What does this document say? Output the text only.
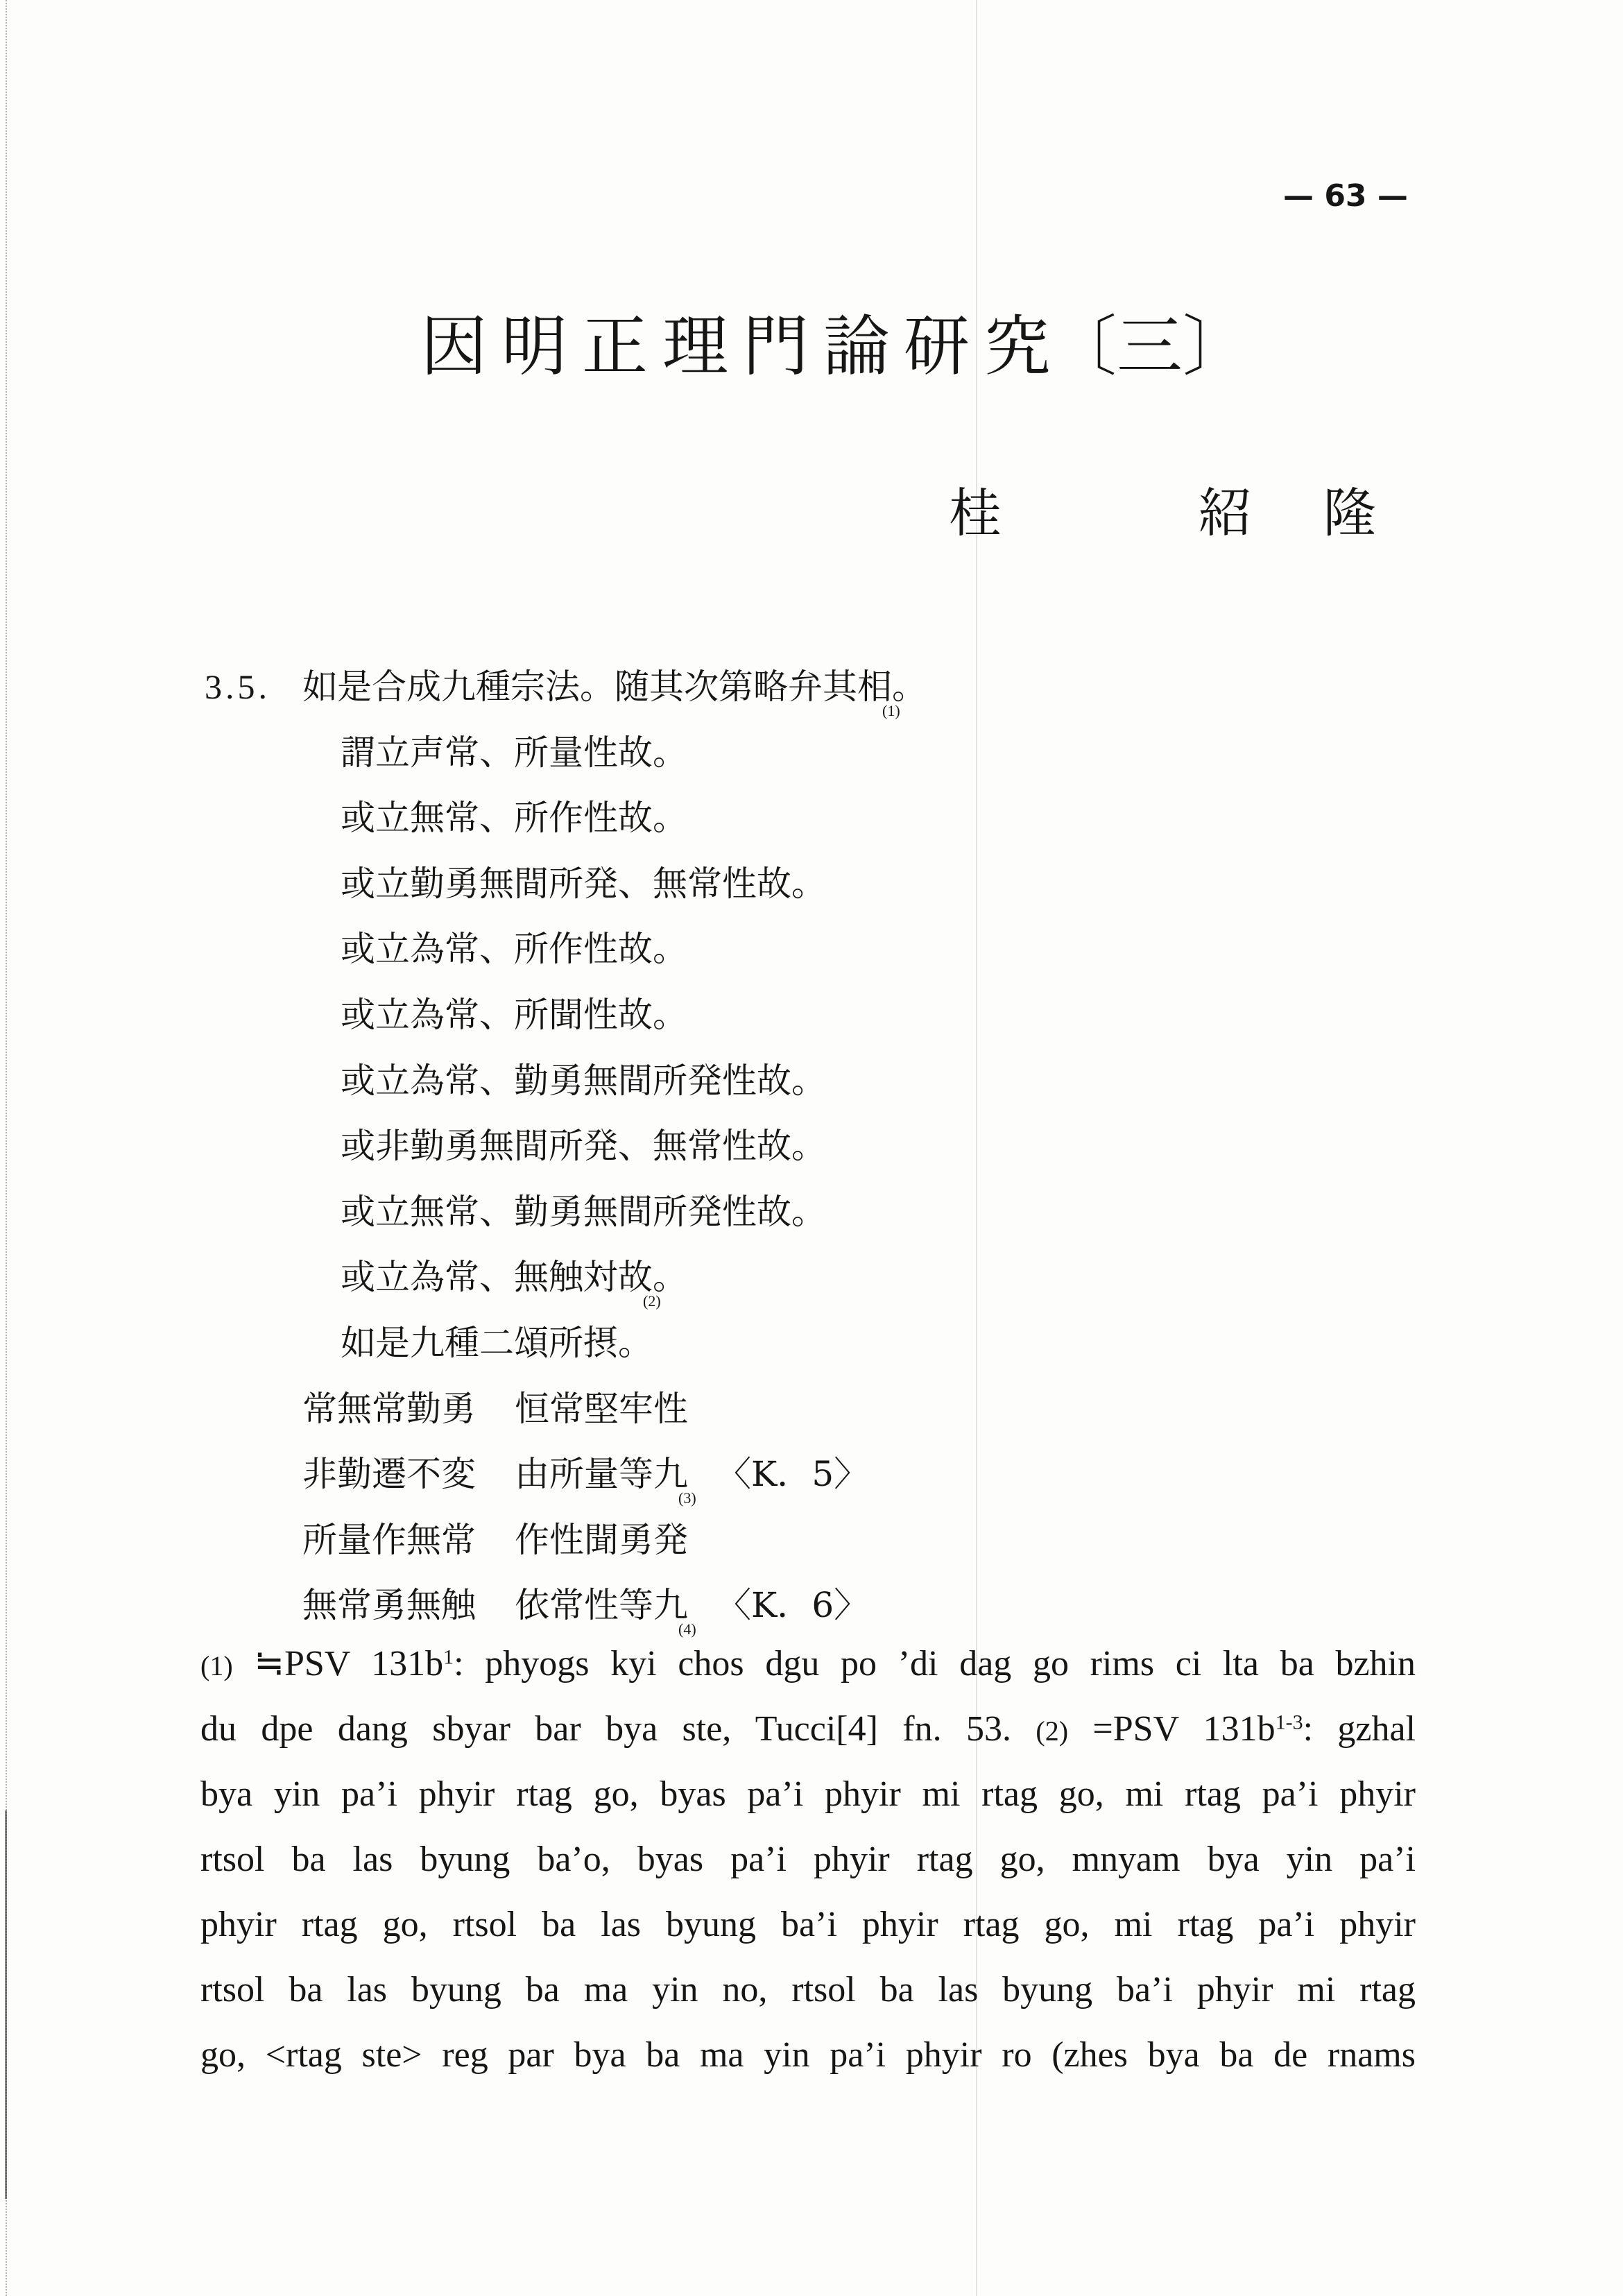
— 63 —
因明正理門論研究〔三〕
桂	紹 隆
3.5. 如是合成九種宗法。随其次第略弁其相(1)。
謂立声常、所量性故。
或立無常、所作性故。
或立勤勇無間所発、無常性故。
或立為常、所作性故。
或立為常、所聞性故。
或立為常、勤勇無間所発性故。
或非勤勇無間所発、無常性故。
或立無常、勤勇無間所発性故。
或立為常、無触対故(2)。
如是九種二頌所摂。
常無常勤勇 恒常堅牢性
非勤遷不変 由所量等九(3)
〈K．5〉
所量作無常 作性聞勇発
無常勇無触 依常性等九(4)
〈K．6〉
(1) ≒PSV 131b$^1$: phyogs kyi chos dgu po ’di dag go rims ci lta ba bzhin
du dpe dang sbyar bar bya ste, Tucci[4] fn. 53. (2) =PSV 131b$^{1-3}$: gzhal
bya yin pa’i phyir rtag go, byas pa’i phyir mi rtag go, mi rtag pa’i phyir
rtsol ba las byung ba’o, byas pa’i phyir rtag go, mnyam bya yin pa’i
phyir rtag go, rtsol ba las byung ba’i phyir rtag go, mi rtag pa’i phyir
rtsol ba las byung ba ma yin no, rtsol ba las byung ba’i phyir mi rtag
go, <rtag ste> reg par bya ba ma yin pa’i phyir ro (zhes bya ba de rnams
